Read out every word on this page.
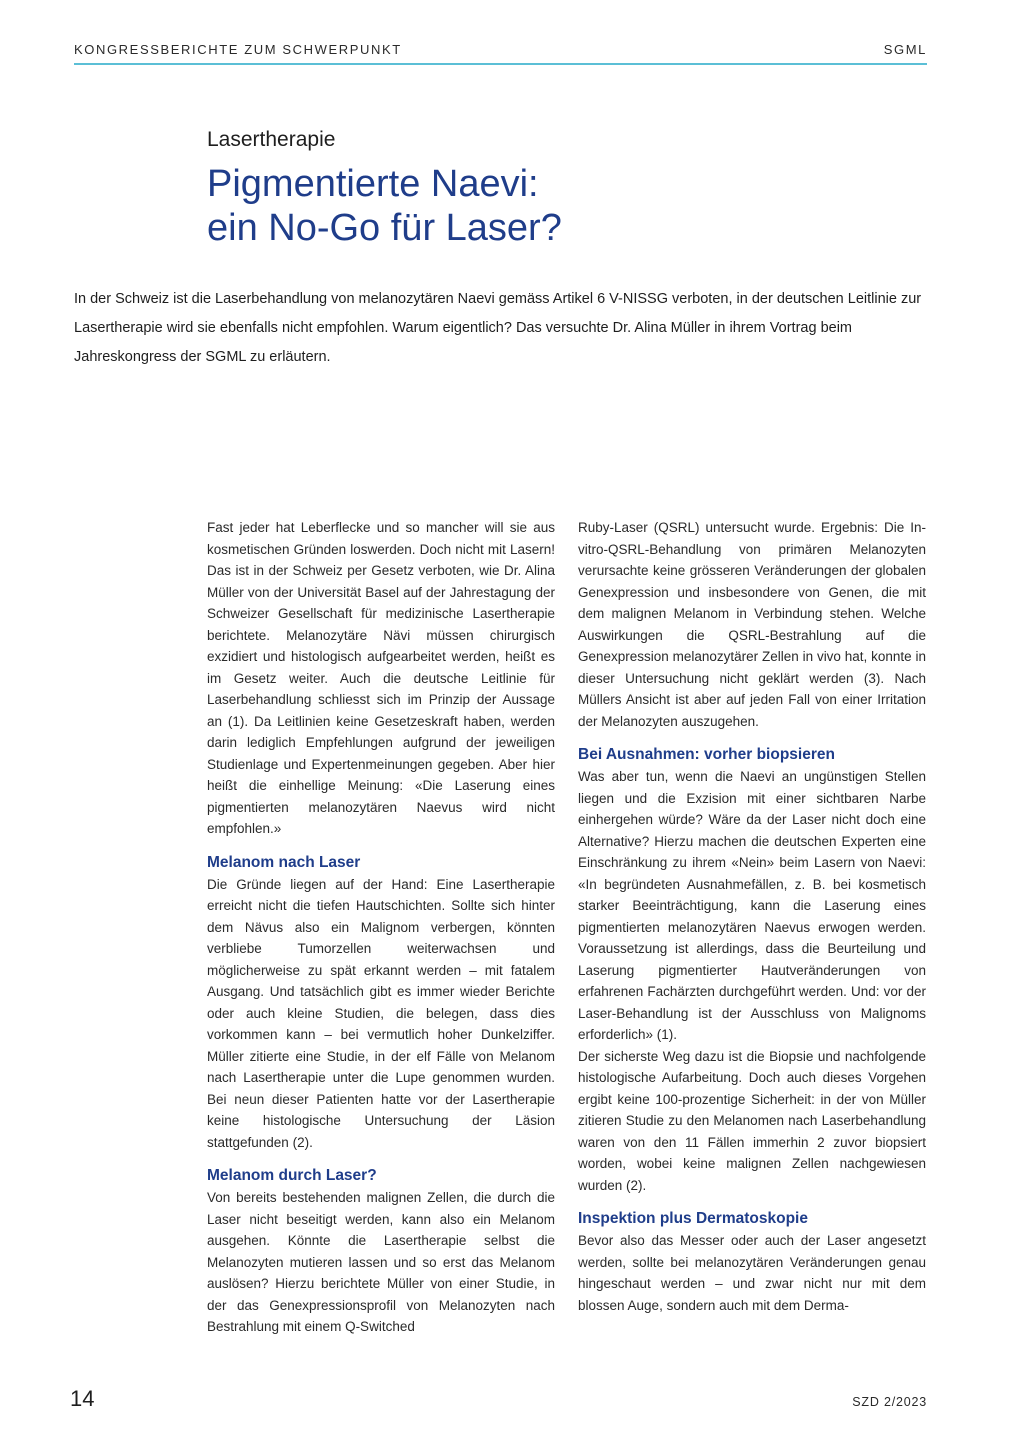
KONGRESSBERICHTE ZUM SCHWERPUNKT	SGML
Lasertherapie
Pigmentierte Naevi:
ein No-Go für Laser?

In der Schweiz ist die Laserbehandlung von melanozytären Naevi gemäss Artikel 6 V-NISSG verboten, in der deutschen Leitlinie zur Lasertherapie wird sie ebenfalls nicht empfohlen. Warum eigentlich? Das versuchte Dr. Alina Müller in ihrem Vortrag beim Jahreskongress der SGML zu erläutern.

Fast jeder hat Leberflecke und so mancher will sie aus kosmetischen Gründen loswerden. Doch nicht mit Lasern! Das ist in der Schweiz per Gesetz verboten, wie Dr. Alina Müller von der Universität Basel auf der Jahrestagung der Schweizer Gesellschaft für medizinische Lasertherapie berichtete. Melanozytäre Nävi müssen chirurgisch exzidiert und histologisch aufgearbeitet werden, heißt es im Gesetz weiter. Auch die deutsche Leitlinie für Laserbehandlung schliesst sich im Prinzip der Aussage an (1). Da Leitlinien keine Gesetzeskraft haben, werden darin lediglich Empfehlungen aufgrund der jeweiligen Studienlage und Expertenmeinungen gegeben. Aber hier heißt die einhellige Meinung: «Die Laserung eines pigmentierten melanozytären Naevus wird nicht empfohlen.»

Melanom nach Laser

Die Gründe liegen auf der Hand: Eine Lasertherapie erreicht nicht die tiefen Hautschichten. Sollte sich hinter dem Nävus also ein Malignom verbergen, könnten verbliebe Tumorzellen weiterwachsen und möglicherweise zu spät erkannt werden – mit fatalem Ausgang. Und tatsächlich gibt es immer wieder Berichte oder auch kleine Studien, die belegen, dass dies vorkommen kann – bei vermutlich hoher Dunkelziffer. Müller zitierte eine Studie, in der elf Fälle von Melanom nach Lasertherapie unter die Lupe genommen wurden. Bei neun dieser Patienten hatte vor der Lasertherapie keine histologische Untersuchung der Läsion stattgefunden (2).

Melanom durch Laser?

Von bereits bestehenden malignen Zellen, die durch die Laser nicht beseitigt werden, kann also ein Melanom ausgehen. Könnte die Lasertherapie selbst die Melanozyten mutieren lassen und so erst das Melanom auslösen? Hierzu berichtete Müller von einer Studie, in der das Genexpressionsprofil von Melanozyten nach Bestrahlung mit einem Q-Switched

Ruby-Laser (QSRL) untersucht wurde. Ergebnis: Die In-vitro-QSRL-Behandlung von primären Melanozyten verursachte keine grösseren Veränderungen der globalen Genexpression und insbesondere von Genen, die mit dem malignen Melanom in Verbindung stehen. Welche Auswirkungen die QSRL-Bestrahlung auf die Genexpression melanozytärer Zellen in vivo hat, konnte in dieser Untersuchung nicht geklärt werden (3). Nach Müllers Ansicht ist aber auf jeden Fall von einer Irritation der Melanozyten auszugehen.

Bei Ausnahmen: vorher biopsieren

Was aber tun, wenn die Naevi an ungünstigen Stellen liegen und die Exzision mit einer sichtbaren Narbe einhergehen würde? Wäre da der Laser nicht doch eine Alternative? Hierzu machen die deutschen Experten eine Einschränkung zu ihrem «Nein» beim Lasern von Naevi: «In begründeten Ausnahmefällen, z. B. bei kosmetisch starker Beeinträchtigung, kann die Laserung eines pigmentierten melanozytären Naevus erwogen werden. Voraussetzung ist allerdings, dass die Beurteilung und Laserung pigmentierter Hautveränderungen von erfahrenen Fachärzten durchgeführt werden. Und: vor der Laser-Behandlung ist der Ausschluss von Malignoms erforderlich» (1).

Der sicherste Weg dazu ist die Biopsie und nachfolgende histologische Aufarbeitung. Doch auch dieses Vorgehen ergibt keine 100-prozentige Sicherheit: in der von Müller zitieren Studie zu den Melanomen nach Laserbehandlung waren von den 11 Fällen immerhin 2 zuvor biopsiert worden, wobei keine malignen Zellen nachgewiesen wurden (2).

Inspektion plus Dermatoskopie

Bevor also das Messer oder auch der Laser angesetzt werden, sollte bei melanozytären Veränderungen genau hingeschaut werden – und zwar nicht nur mit dem blossen Auge, sondern auch mit dem Derma-

14	SZD 2/2023
